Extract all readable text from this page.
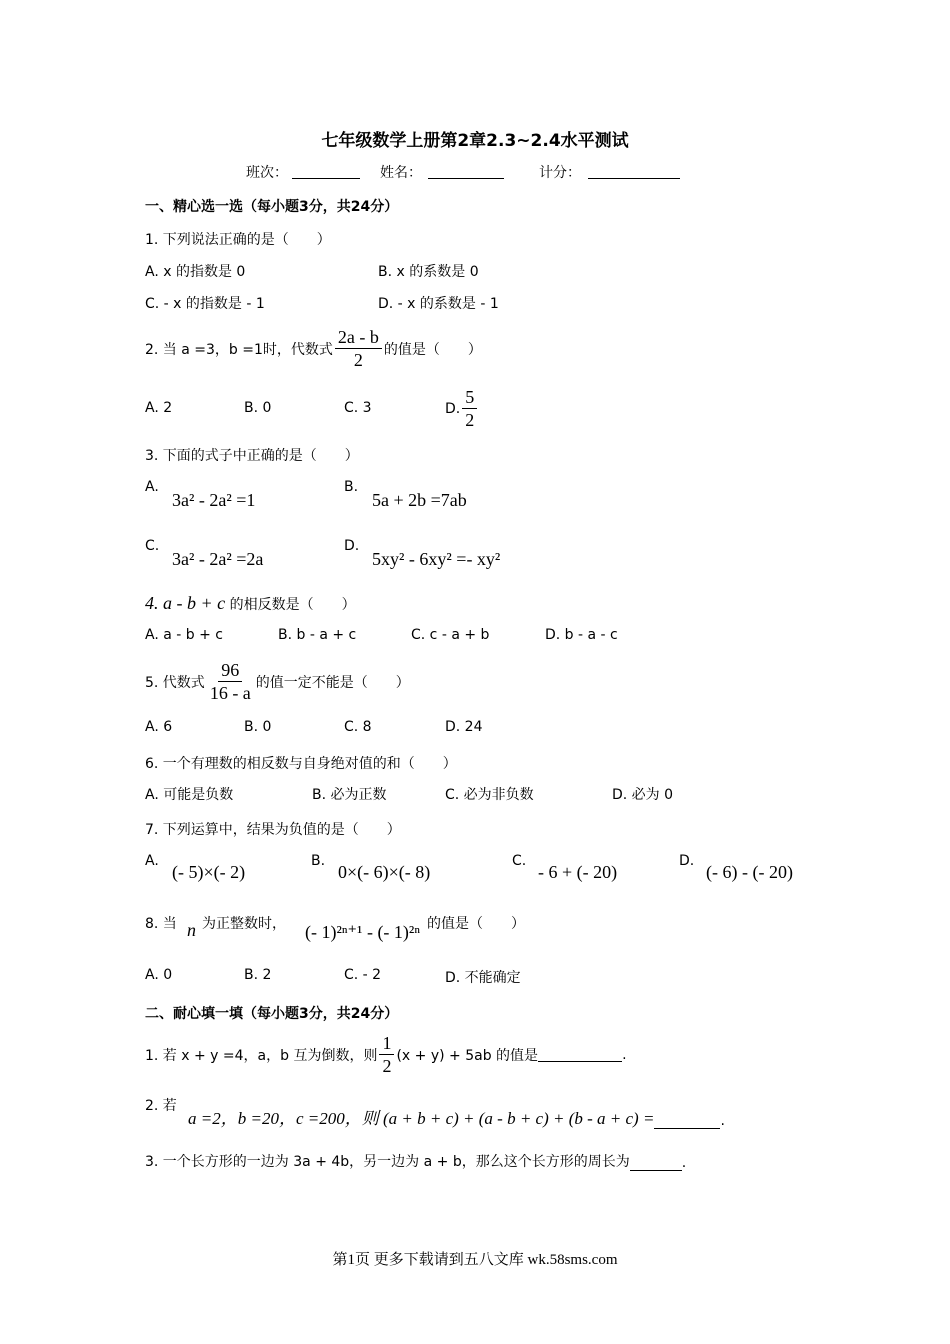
七年级数学上册第2章2.3~2.4水平测试
班次：	姓名：	计分：
一、精心选一选（每小题3分，共24分）
1. 下列说法正确的是（　　）
A. x 的指数是 0	B. x 的系数是 0
C. - x 的指数是 - 1	D. - x 的系数是 - 1
2. 当 a =3，b =1时，代数式 $\frac{2a - b}{2}$ 的值是（　　）
A. 2	B. 0	C. 3	D. $\frac{5}{2}$
3. 下面的式子中正确的是（　　）
A.
3a² - 2a² =1
B.
5a + 2b =7ab
C.
3a² - 2a² =2a
D.
5xy² - 6xy² =- xy²
4. a - b + c 的相反数是（　　）
A. a - b + c	B. b - a + c	C. c - a + b	D. b - a - c
5. 代数式 $\frac{96}{16 - a}$ 的值一定不能是（　　）
A. 6	B. 0	C. 8	D. 24
6. 一个有理数的相反数与自身绝对值的和（　　）
A. 可能是负数	B. 必为正数	C. 必为非负数	D. 必为 0
7. 下列运算中，结果为负值的是（　　）
A.
(- 5)×(- 2)
B.
0×(- 6)×(- 8)
C.
- 6 + (- 20)
D.
(- 6) - (- 20)
8. 当 n 为正整数时， (- 1)²ⁿ⁺¹ - (- 1)²ⁿ 的值是（　　）
A. 0	B. 2	C. - 2	D. 不能确定
二、耐心填一填（每小题3分，共24分）
1. 若 x + y =4，a，b 互为倒数，则 $\frac{1}{2} (x + y) + 5ab$ 的值是	.
2. 若
a =2，b =20，c =200，则 (a + b + c) + (a - b + c) + (b - a + c) =	.
3. 一个长方形的一边为 3a + 4b，另一边为 a + b，那么这个长方形的周长为	.
第1页 更多下载请到五八文库 wk.58sms.com
